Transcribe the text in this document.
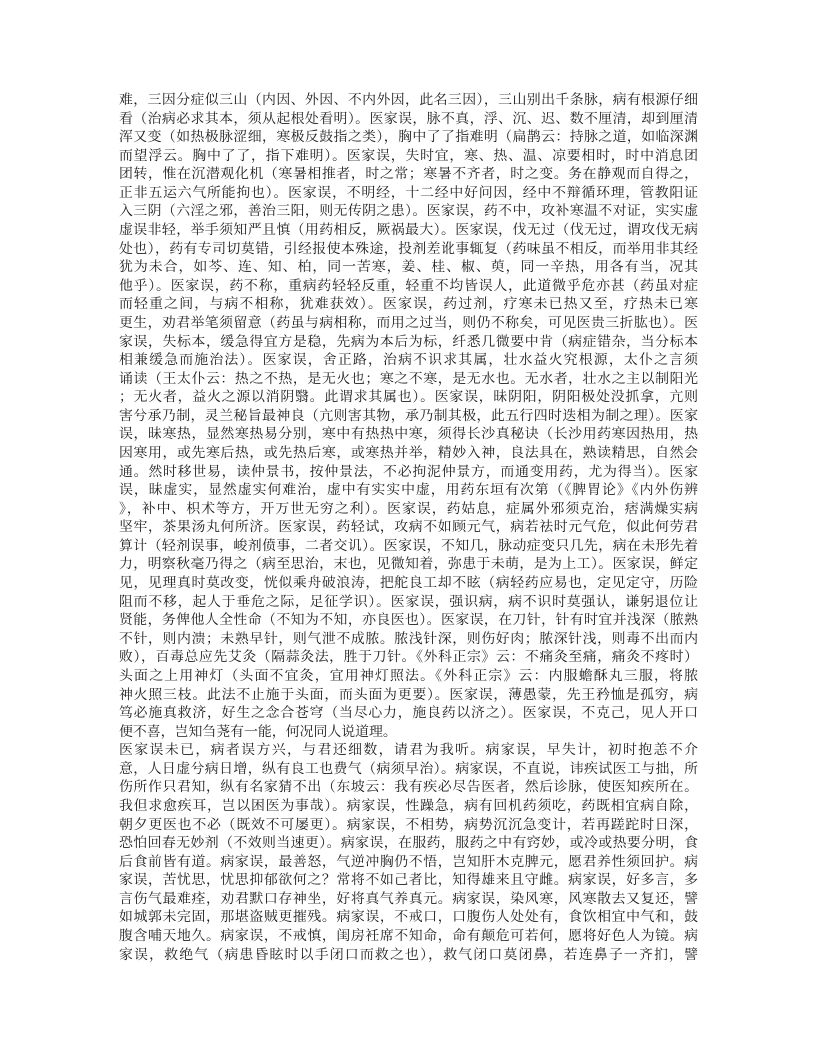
难，三因分症似三山（内因、外因、不内外因，此名三因），三山别出千条脉，病有根源仔细
看（治病必求其本，须从起根处看明）。医家误，脉不真，浮、沉、迟、数不厘清，却到厘清
浑又变（如热极脉涩细，寒极反鼓指之类），胸中了了指难明（扁鹊云：持脉之道，如临深渊
而望浮云。胸中了了，指下难明）。医家误，失时宜，寒、热、温、凉要相时，时中消息团
团转，惟在沉潜观化机（寒暑相推者，时之常；寒暑不齐者，时之变。务在静观而自得之，
正非五运六气所能拘也）。医家误，不明经，十二经中好问因，经中不辩循环理，管教阳证
入三阴（六淫之邪，善治三阳，则无传阴之患）。医家误，药不中，攻补寒温不对证，实实虚
虚误非轻，举手须知严且慎（用药相反，厥祸最大）。医家误，伐无过（伐无过，谓攻伐无病
处也），药有专司切莫错，引经报使本殊途，投剂差讹事辄复（药味虽不相反，而举用非其经
犹为未合，如芩、连、知、柏，同一苦寒，姜、桂、椒、萸，同一辛热，用各有当，况其
他乎）。医家误，药不称，重病药轻轻反重，轻重不均皆误人，此道微乎危亦甚（药虽对症
而轻重之间，与病不相称，犹难获效）。医家误，药过剂，疗寒未已热又至，疗热未已寒
更生，劝君举笔须留意（药虽与病相称，而用之过当，则仍不称矣，可见医贵三折肱也）。医
家误，失标本，缓急得宜方是稳，先病为本后为标，纤悉几微要中肯（病症错杂，当分标本
相兼缓急而施治法）。医家误，舍正路，治病不识求其属，壮水益火究根源，太仆之言须
诵读（王太仆云：热之不热，是无火也；寒之不寒，是无水也。无水者，壮水之主以制阳光
；无火者，益火之源以消阴翳。此谓求其属也）。医家误，昧阴阳，阴阳极处没抓拿，亢则
害兮承乃制，灵兰秘旨最神良（亢则害其物，承乃制其极，此五行四时迭相为制之理）。医家
误，昧寒热，显然寒热易分别，寒中有热热中寒，须得长沙真秘诀（长沙用药寒因热用，热
因寒用，或先寒后热，或先热后寒，或寒热并举，精妙入神，良法具在，熟读精思，自然会
通。然时移世易，读仲景书，按仲景法，不必拘泥仲景方，而通变用药，尤为得当）。医家
误，昧虚实，显然虚实何难治，虚中有实实中虚，用药东垣有次第（《脾胃论》《内外伤辨
》，补中、枳术等方，开万世无穷之利）。医家误，药姑息，症属外邪须克治，痞满燥实病
坚牢，茶果汤丸何所济。医家误，药轻试，攻病不如顾元气，病若祛时元气危，似此何劳君
算计（轻剂误事，峻剂偾事，二者交讥）。医家误，不知几，脉动症变只几先，病在未形先着
力，明察秋毫乃得之（病至思治，末也，见微知着，弥患于未萌，是为上工）。医家误，鲜定
见，见理真时莫改变，恍似乘舟破浪涛，把舵良工却不眩（病轻药应易也，定见定守，历险
阻而不移，起人于垂危之际，足征学识）。医家误，强识病，病不识时莫强认，谦躬退位让
贤能，务俾他人全性命（不知为不知，亦良医也）。医家误，在刀针，针有时宜并浅深（脓熟
不针，则内溃；未熟早针，则气泄不成脓。脓浅针深，则伤好肉；脓深针浅，则毒不出而内
败），百毒总应先艾灸（隔蒜灸法，胜于刀针。《外科正宗》云：不痛灸至痛，痛灸不疼时）
头面之上用神灯（头面不宜灸，宜用神灯照法。《外科正宗》云：内服蟾酥丸三服，将脓
神火照三枝。此法不止施于头面，而头面为更要）。医家误，薄愚蒙，先王矜恤是孤穷，病
笃必施真救济，好生之念合苍穹（当尽心力，施良药以济之）。医家误，不克己，见人开口
便不喜，岂知刍荛有一能，何况同人说道理。
医家误未已，病者误方兴，与君还细数，请君为我听。病家误，早失计，初时抱恙不介
意，人日虚兮病日增，纵有良工也费气（病须早治）。病家误，不直说，讳疾试医工与拙，所
伤所作只君知，纵有名家猜不出（东坡云：我有疾必尽告医者，然后诊脉，使医知疾所在。
我但求愈疾耳，岂以困医为事哉）。病家误，性躁急，病有回机药须吃，药既相宜病自除，
朝夕更医也不必（既效不可屡更）。病家误，不相势，病势沉沉急变计，若再蹉跎时日深，
恐怕回春无妙剂（不效则当速更）。病家误，在服药，服药之中有窍妙，或冷或热要分明，食
后食前皆有道。病家误，最善怒，气逆冲胸仍不悟，岂知肝木克脾元，愿君养性须回护。病
家误，苦忧思，忧思抑郁欲何之？常将不如己者比，知得雄来且守雌。病家误，好多言，多
言伤气最难痊，劝君默口存神坐，好将真气养真元。病家误，染风寒，风寒散去又复还，譬
如城郭未完固，那堪盗贼更摧残。病家误，不戒口，口腹伤人处处有，食饮相宜中气和，鼓
腹含哺天地久。病家误，不戒慎，闺房衽席不知命，命有颠危可若何，愿将好色人为镜。病
家误，救绝气（病患昏眩时以手闭口而救之也），救气闭口莫闭鼻，若连鼻子一齐扪，譬
